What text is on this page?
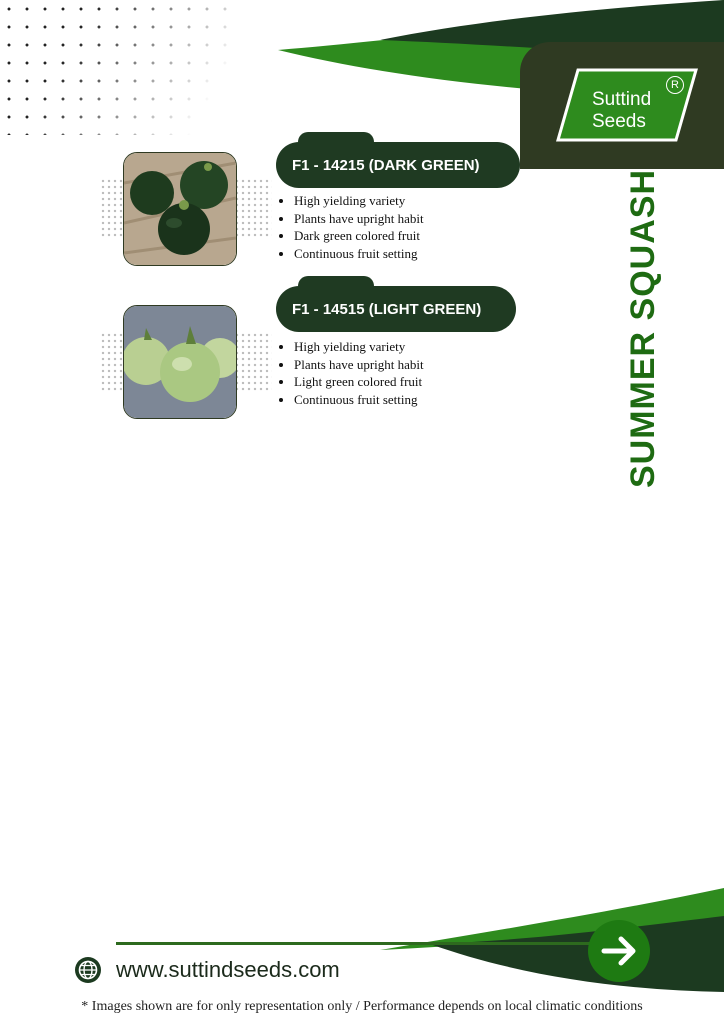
Suttind
Seeds
R
SUMMER SQUASH
F1 - 14215 (DARK GREEN)
• High yielding variety
• Plants have upright habit
• Dark green colored fruit
• Continuous fruit setting
F1 - 14515 (LIGHT GREEN)
• High yielding variety
• Plants have upright habit
• Light green colored fruit
• Continuous fruit setting
www.suttindseeds.com
* Images shown are for only representation only / Performance depends on local climatic conditions
